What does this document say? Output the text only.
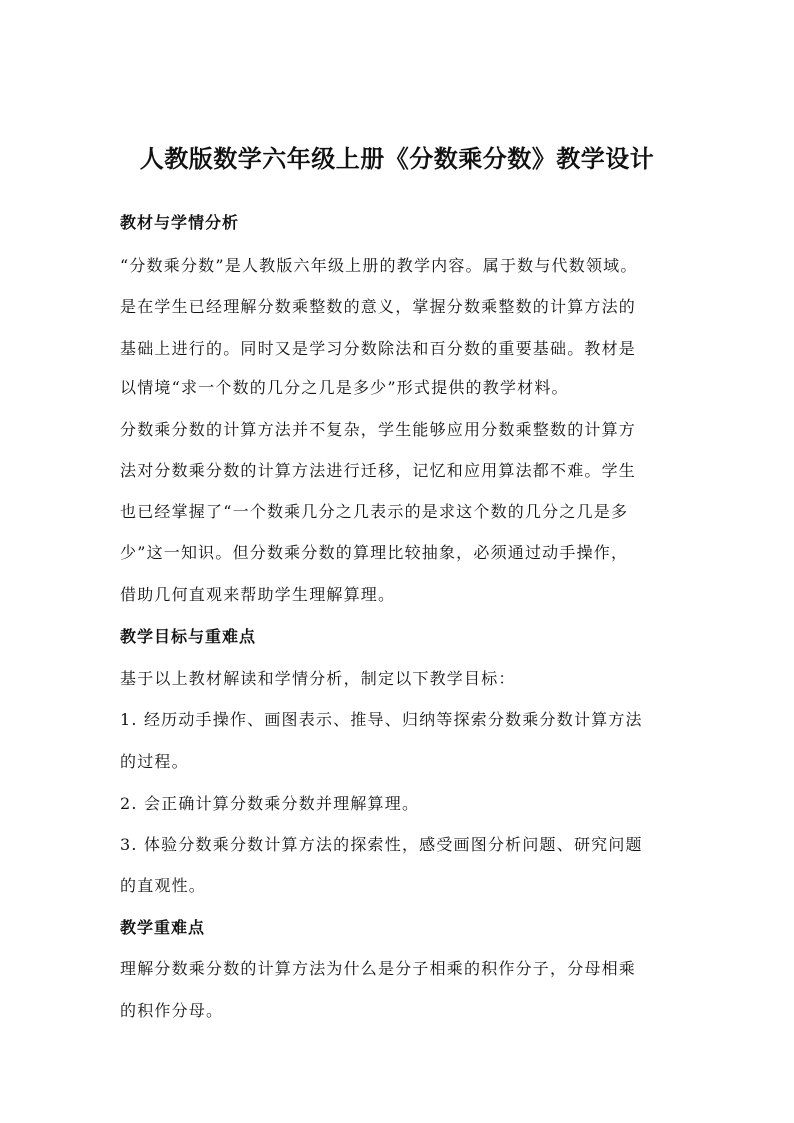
人教版数学六年级上册《分数乘分数》教学设计
教材与学情分析
“分数乘分数”是人教版六年级上册的教学内容。属于数与代数领域。
是在学生已经理解分数乘整数的意义，掌握分数乘整数的计算方法的
基础上进行的。同时又是学习分数除法和百分数的重要基础。教材是
以情境“求一个数的几分之几是多少”形式提供的教学材料。
分数乘分数的计算方法并不复杂，学生能够应用分数乘整数的计算方
法对分数乘分数的计算方法进行迁移，记忆和应用算法都不难。学生
也已经掌握了“一个数乘几分之几表示的是求这个数的几分之几是多
少”这一知识。但分数乘分数的算理比较抽象，必须通过动手操作，
借助几何直观来帮助学生理解算理。
教学目标与重难点
基于以上教材解读和学情分析，制定以下教学目标：
1. 经历动手操作、画图表示、推导、归纳等探索分数乘分数计算方法
的过程。
2. 会正确计算分数乘分数并理解算理。
3. 体验分数乘分数计算方法的探索性，感受画图分析问题、研究问题
的直观性。
教学重难点
理解分数乘分数的计算方法为什么是分子相乘的积作分子，分母相乘
的积作分母。
